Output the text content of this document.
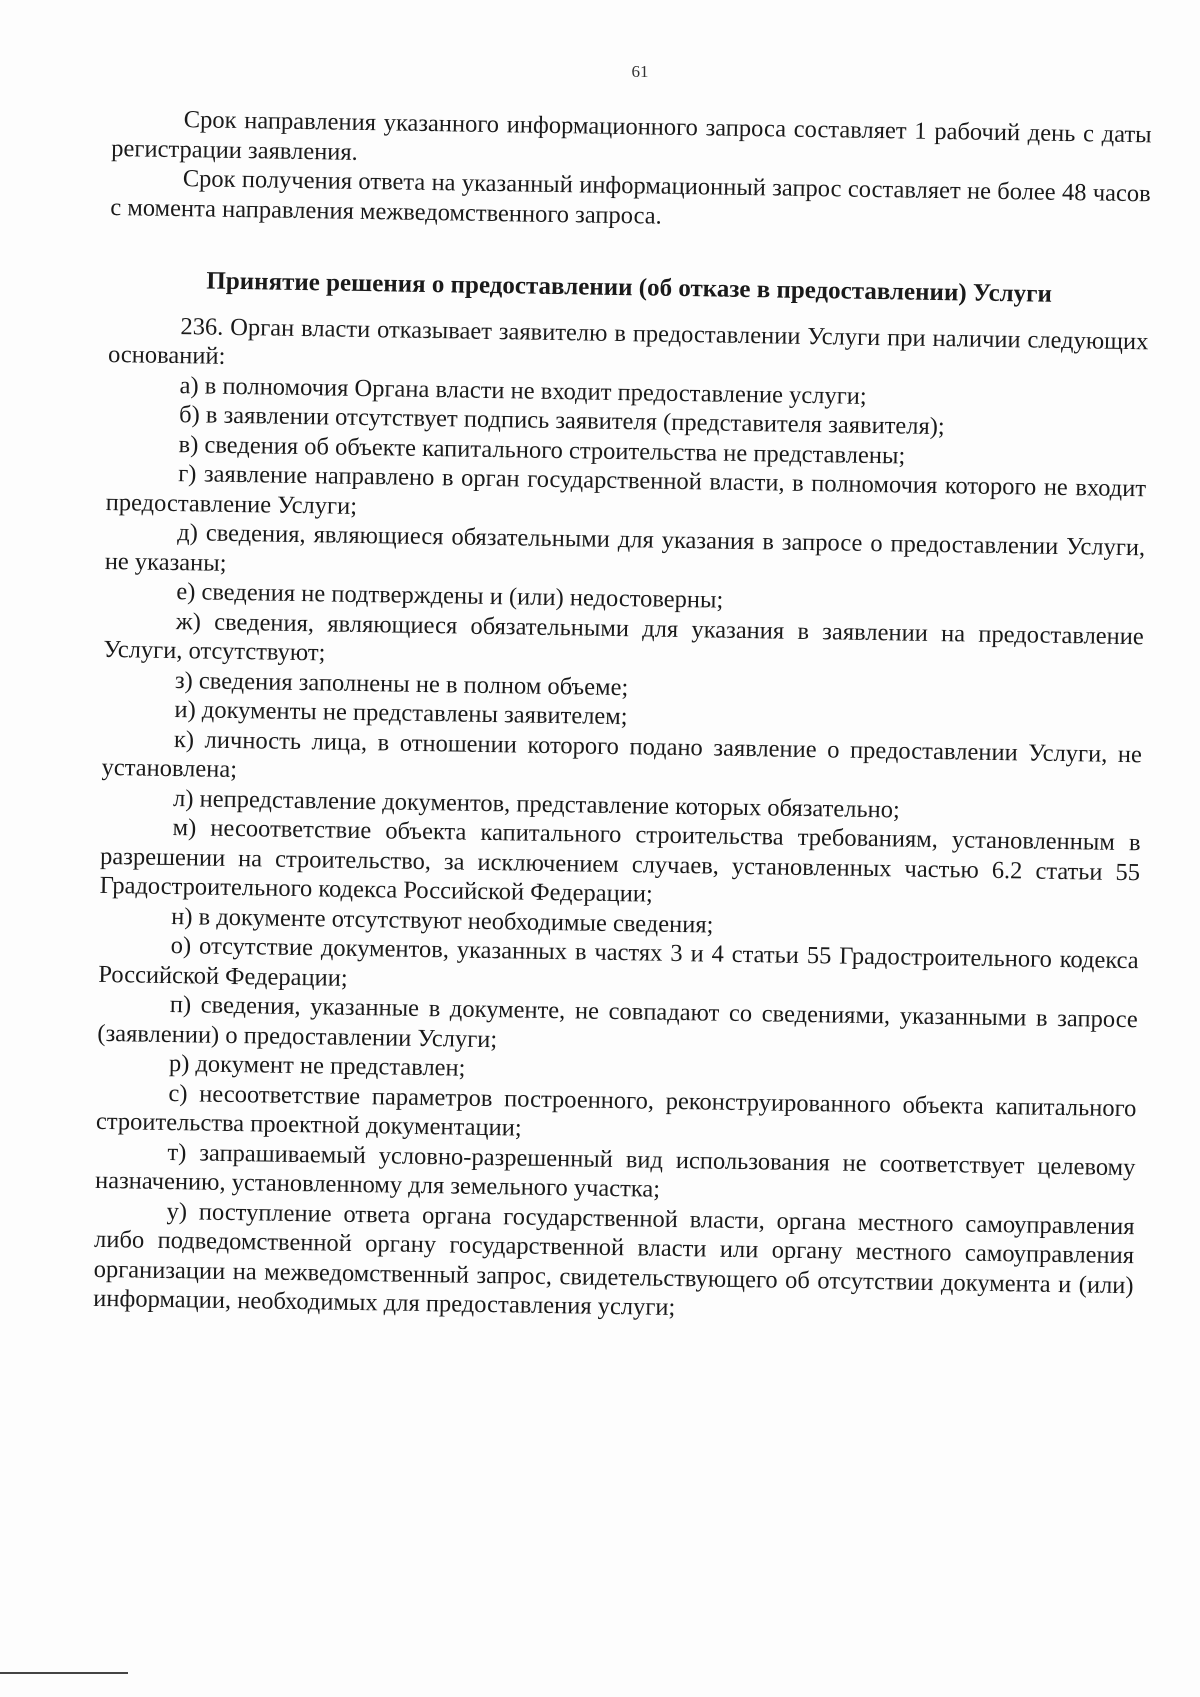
61

Срок направления указанного информационного запроса составляет 1 рабочий день с даты регистрации заявления.

Срок получения ответа на указанный информационный запрос составляет не более 48 часов с момента направления межведомственного запроса.

Принятие решения о предоставлении (об отказе в предоставлении) Услуги

236. Орган власти отказывает заявителю в предоставлении Услуги при наличии следующих оснований:

а) в полномочия Органа власти не входит предоставление услуги;

б) в заявлении отсутствует подпись заявителя (представителя заявителя);

в) сведения об объекте капитального строительства не представлены;

г) заявление направлено в орган государственной власти, в полномочия которого не входит предоставление Услуги;

д) сведения, являющиеся обязательными для указания в запросе о предоставлении Услуги, не указаны;

е) сведения не подтверждены и (или) недостоверны;

ж) сведения, являющиеся обязательными для указания в заявлении на предоставление Услуги, отсутствуют;

з) сведения заполнены не в полном объеме;

и) документы не представлены заявителем;

к) личность лица, в отношении которого подано заявление о предоставлении Услуги, не установлена;

л) непредставление документов, представление которых обязательно;

м) несоответствие объекта капитального строительства требованиям, установленным в разрешении на строительство, за исключением случаев, установленных частью 6.2 статьи 55 Градостроительного кодекса Российской Федерации;

н) в документе отсутствуют необходимые сведения;

о) отсутствие документов, указанных в частях 3 и 4 статьи 55 Градостроительного кодекса Российской Федерации;

п) сведения, указанные в документе, не совпадают со сведениями, указанными в запросе (заявлении) о предоставлении Услуги;

р) документ не представлен;

с) несоответствие параметров построенного, реконструированного объекта капитального строительства проектной документации;

т) запрашиваемый условно-разрешенный вид использования не соответствует целевому назначению, установленному для земельного участка;

у) поступление ответа органа государственной власти, органа местного самоуправления либо подведомственной органу государственной власти или органу местного самоуправления организации на межведомственный запрос, свидетельствующего об отсутствии документа и (или) информации, необходимых для предоставления услуги;
